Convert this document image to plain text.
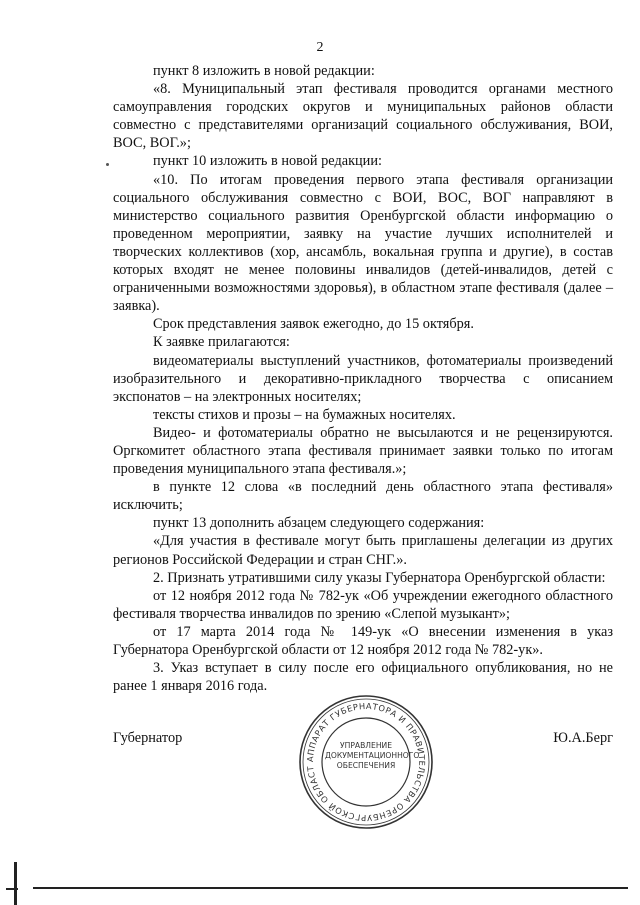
2

пункт 8 изложить в новой редакции:

«8. Муниципальный этап фестиваля проводится органами местного самоуправления городских округов и муниципальных районов области совместно с представителями организаций социального обслуживания, ВОИ, ВОС, ВОГ.»;

пункт 10 изложить в новой редакции:

«10. По итогам проведения первого этапа фестиваля организации социального обслуживания совместно с ВОИ, ВОС, ВОГ направляют в министерство социального развития Оренбургской области информацию о проведенном мероприятии, заявку на участие лучших исполнителей и творческих коллективов (хор, ансамбль, вокальная группа и другие), в состав которых входят не менее половины инвалидов (детей-инвалидов, детей с ограниченными возможностями здоровья), в областном этапе фестиваля (далее – заявка).

Срок представления заявок ежегодно, до 15 октября.

К заявке прилагаются:

видеоматериалы выступлений участников, фотоматериалы произведений изобразительного и декоративно-прикладного творчества с описанием экспонатов – на электронных носителях;

тексты стихов и прозы – на бумажных носителях.

Видео- и фотоматериалы обратно не высылаются и не рецензируются. Оргкомитет областного этапа фестиваля принимает заявки только по итогам проведения муниципального этапа фестиваля.»;

в пункте 12 слова «в последний день областного этапа фестиваля» исключить;

пункт 13 дополнить абзацем следующего содержания:

«Для участия в фестивале могут быть приглашены делегации из других регионов Российской Федерации и стран СНГ.».

2. Признать утратившими силу указы Губернатора Оренбургской области:

от 12 ноября 2012 года № 782-ук «Об учреждении ежегодного областного фестиваля творчества инвалидов по зрению «Слепой музыкант»;

от 17 марта 2014 года № 149-ук «О внесении изменения в указ Губернатора Оренбургской области от 12 ноября 2012 года № 782-ук».

3. Указ вступает в силу после его официального опубликования, но не ранее 1 января 2016 года.

Губернатор	Ю.А.Берг
АППАРАТ ГУБЕРНАТОРА И ПРАВИТЕЛЬСТВА ОРЕНБУРГСКОЙ ОБЛАСТ
УПРАВЛЕНИЕ ДОКУМЕНТАЦИОННОГО ОБЕСПЕЧЕНИЯ
